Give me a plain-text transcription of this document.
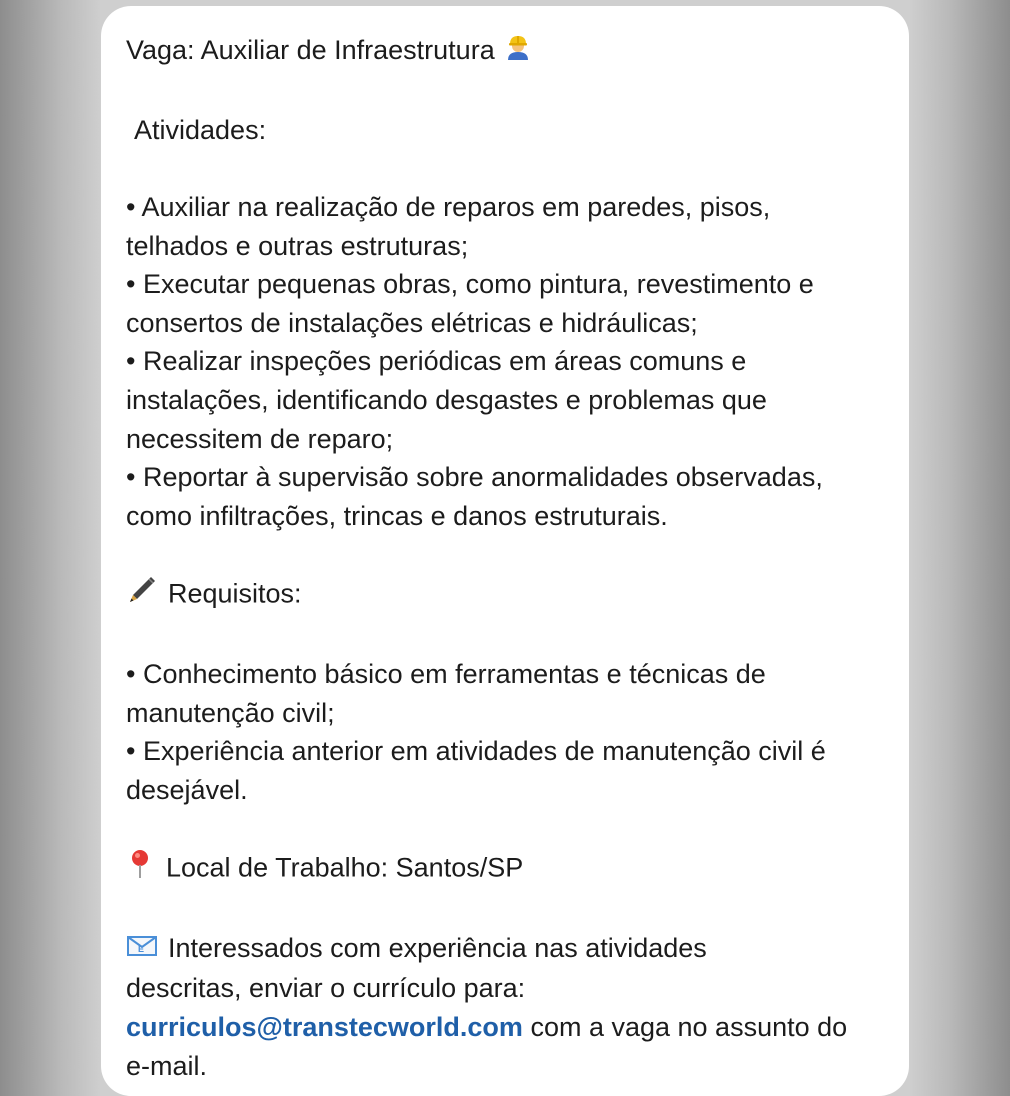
Vaga: Auxiliar de Infraestrutura
Atividades:
• Auxiliar na realização de reparos em paredes, pisos,
telhados e outras estruturas;
• Executar pequenas obras, como pintura, revestimento e
consertos de instalações elétricas e hidráulicas;
• Realizar inspeções periódicas em áreas comuns e
instalações, identificando desgastes e problemas que
necessitem de reparo;
• Reportar à supervisão sobre anormalidades observadas,
como infiltrações, trincas e danos estruturais.
Requisitos:
• Conhecimento básico em ferramentas e técnicas de
manutenção civil;
• Experiência anterior em atividades de manutenção civil é
desejável.
Local de Trabalho: Santos/SP
E Interessados com experiência nas atividades
descritas, enviar o currículo para:
curriculos@transtecworld.com com a vaga no assunto do
e-mail.
